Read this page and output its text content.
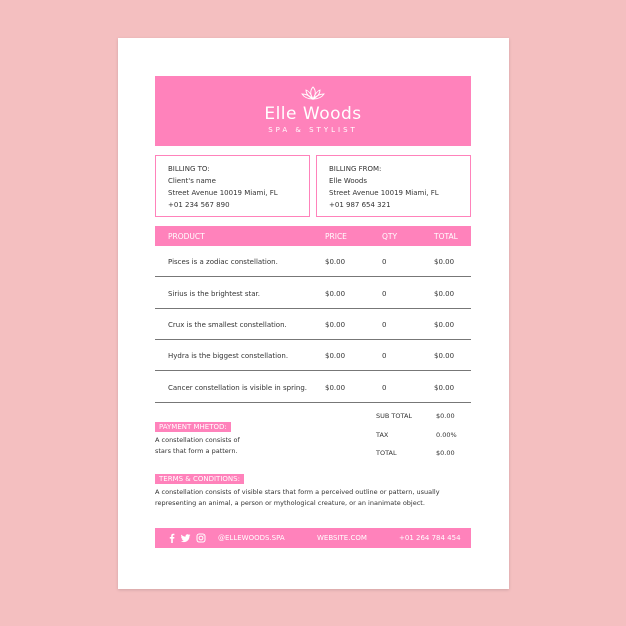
Elle Woods
SPA & STYLIST
BILLING TO:
Client's name
Street Avenue 10019 Miami, FL
+01 234 567 890
BILLING FROM:
Elle Woods
Street Avenue 10019 Miami, FL
+01 987 654 321
PRODUCT	PRICE	QTY	TOTAL
Pisces is a zodiac constellation.	$0.00	0	$0.00
Sirius is the brightest star.	$0.00	0	$0.00
Crux is the smallest constellation.	$0.00	0	$0.00
Hydra is the biggest constellation.	$0.00	0	$0.00
Cancer constellation is visible in spring.	$0.00	0	$0.00
SUB TOTAL	$0.00
TAX	0.00%
TOTAL	$0.00
PAYMENT MHETOD:
A constellation consists of
stars that form a pattern.
TERMS & CONDITIONS:
A constellation consists of visible stars that form a perceived outline or pattern, usually
representing an animal, a person or mythological creature, or an inanimate object.
@ELLEWOODS.SPA	WEBSITE.COM	+01 264 784 454
